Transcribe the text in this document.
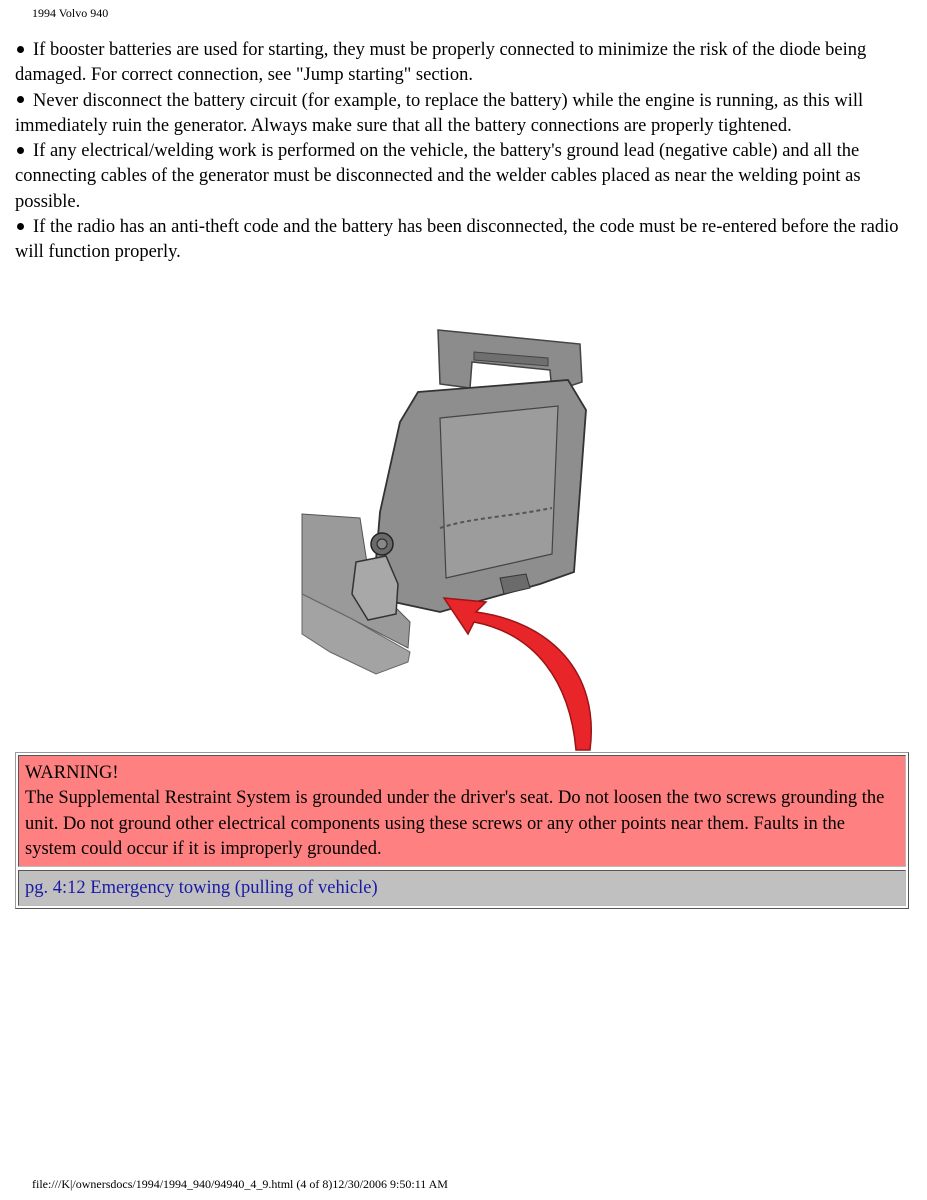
1994 Volvo 940

If booster batteries are used for starting, they must be properly connected to minimize the risk of the diode being damaged. For correct connection, see "Jump starting" section.

Never disconnect the battery circuit (for example, to replace the battery) while the engine is running, as this will immediately ruin the generator. Always make sure that all the battery connections are properly tightened.

If any electrical/welding work is performed on the vehicle, the battery's ground lead (negative cable) and all the connecting cables of the generator must be disconnected and the welder cables placed as near the welding point as possible.

If the radio has an anti-theft code and the battery has been disconnected, the code must be re-entered before the radio will function properly.

WARNING!
The Supplemental Restraint System is grounded under the driver's seat. Do not loosen the two screws grounding the unit. Do not ground other electrical components using these screws or any other points near them. Faults in the system could occur if it is improperly grounded.
pg. 4:12 Emergency towing (pulling of vehicle)
file:///K|/ownersdocs/1994/1994_940/94940_4_9.html (4 of 8)12/30/2006 9:50:11 AM
